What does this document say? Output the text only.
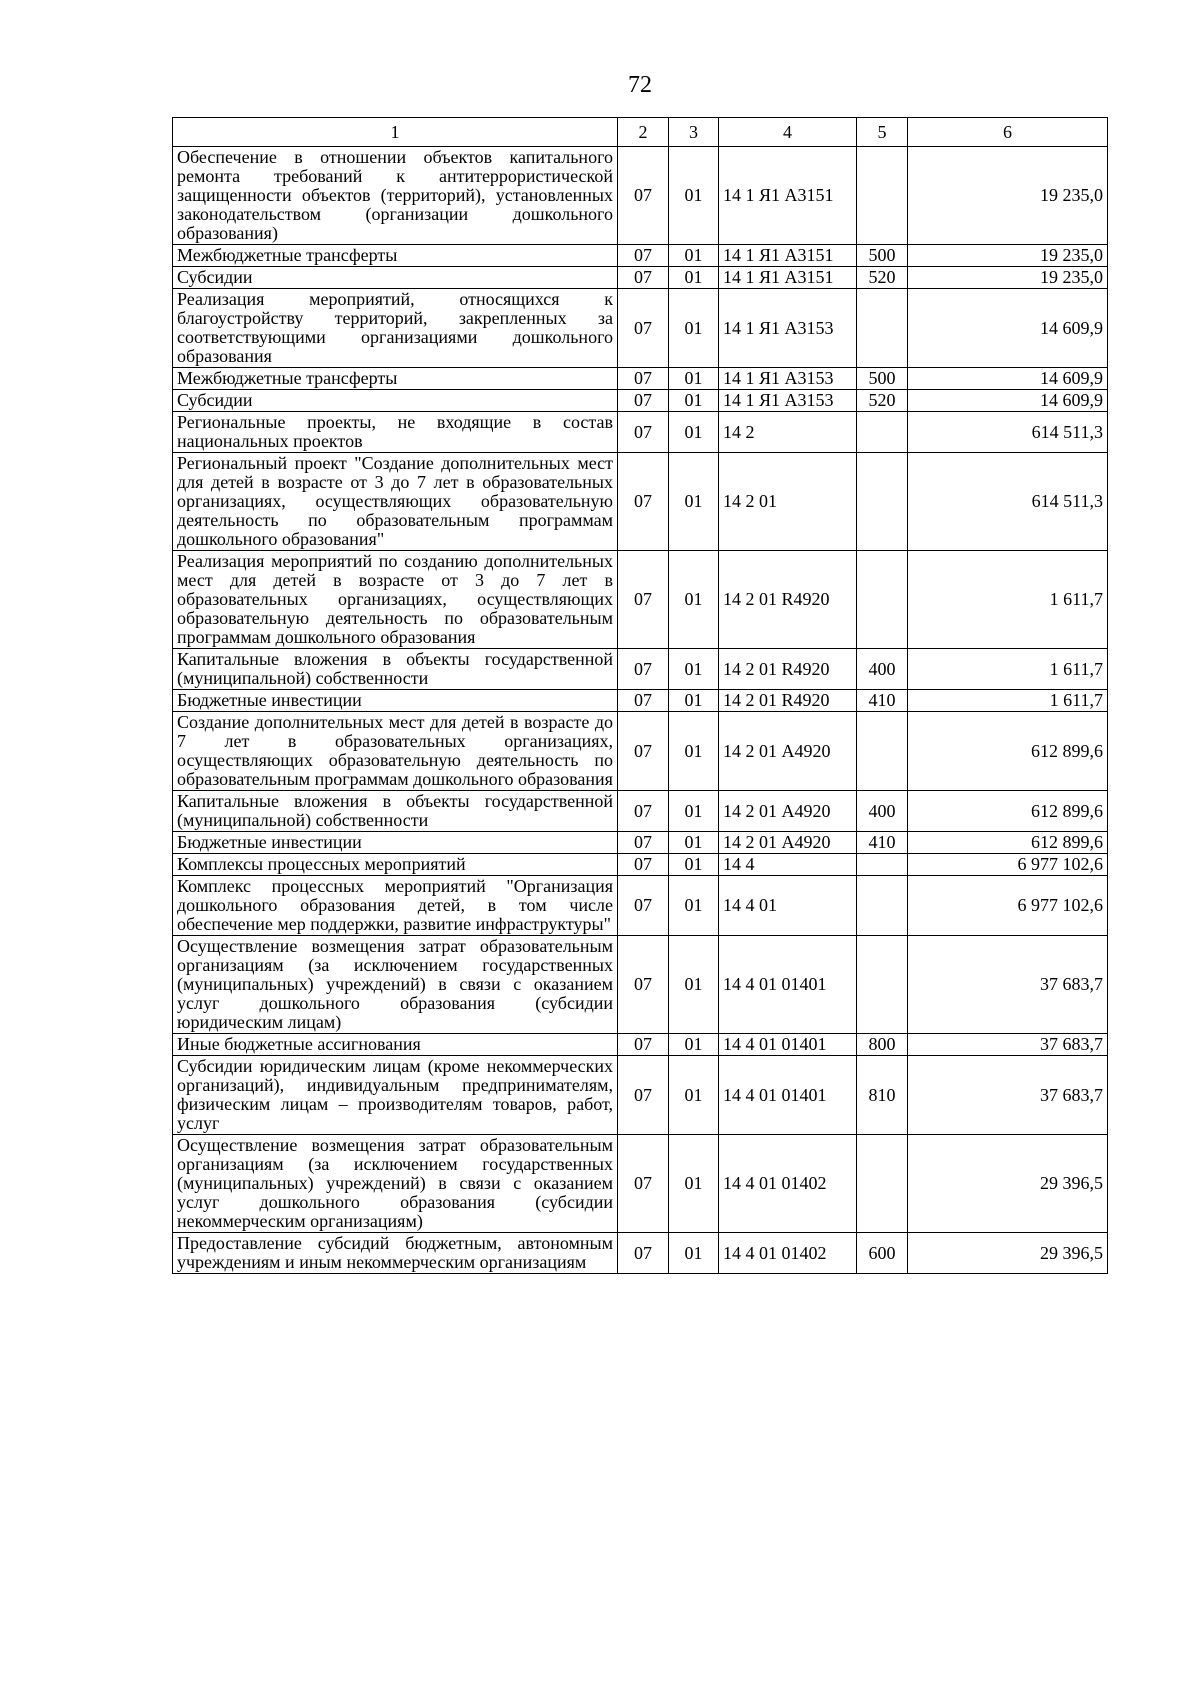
72
1	2	3	4	5	6
Обеспечение в отношении объектов капитального ремонта требований к антитеррористической защищенности объектов (территорий), установленных законодательством (организации дошкольного образования)	07	01	14 1 Я1 А3151		19 235,0
Межбюджетные трансферты	07	01	14 1 Я1 А3151	500	19 235,0
Субсидии	07	01	14 1 Я1 А3151	520	19 235,0
Реализация мероприятий, относящихся к благоустройству территорий, закрепленных за соответствующими организациями дошкольного образования	07	01	14 1 Я1 А3153		14 609,9
Межбюджетные трансферты	07	01	14 1 Я1 А3153	500	14 609,9
Субсидии	07	01	14 1 Я1 А3153	520	14 609,9
Региональные проекты, не входящие в состав национальных проектов	07	01	14 2		614 511,3
Региональный проект "Создание дополнительных мест для детей в возрасте от 3 до 7 лет в образовательных организациях, осуществляющих образовательную деятельность по образовательным программам дошкольного образования"	07	01	14 2 01		614 511,3
Реализация мероприятий по созданию дополнительных мест для детей в возрасте от 3 до 7 лет в образовательных организациях, осуществляющих образовательную деятельность по образовательным программам дошкольного образования	07	01	14 2 01 R4920		1 611,7
Капитальные вложения в объекты государственной (муниципальной) собственности	07	01	14 2 01 R4920	400	1 611,7
Бюджетные инвестиции	07	01	14 2 01 R4920	410	1 611,7
Создание дополнительных мест для детей в возрасте до 7 лет в образовательных организациях, осуществляющих образовательную деятельность по образовательным программам дошкольного образования	07	01	14 2 01 А4920		612 899,6
Капитальные вложения в объекты государственной (муниципальной) собственности	07	01	14 2 01 А4920	400	612 899,6
Бюджетные инвестиции	07	01	14 2 01 А4920	410	612 899,6
Комплексы процессных мероприятий	07	01	14 4		6 977 102,6
Комплекс процессных мероприятий "Организация дошкольного образования детей, в том числе обеспечение мер поддержки, развитие инфраструктуры"	07	01	14 4 01		6 977 102,6
Осуществление возмещения затрат образовательным организациям (за исключением государственных (муниципальных) учреждений) в связи с оказанием услуг дошкольного образования (субсидии юридическим лицам)	07	01	14 4 01 01401		37 683,7
Иные бюджетные ассигнования	07	01	14 4 01 01401	800	37 683,7
Субсидии юридическим лицам (кроме некоммерческих организаций), индивидуальным предпринимателям, физическим лицам – производителям товаров, работ, услуг	07	01	14 4 01 01401	810	37 683,7
Осуществление возмещения затрат образовательным организациям (за исключением государственных (муниципальных) учреждений) в связи с оказанием услуг дошкольного образования (субсидии некоммерческим организациям)	07	01	14 4 01 01402		29 396,5
Предоставление субсидий бюджетным, автономным учреждениям и иным некоммерческим организациям	07	01	14 4 01 01402	600	29 396,5
